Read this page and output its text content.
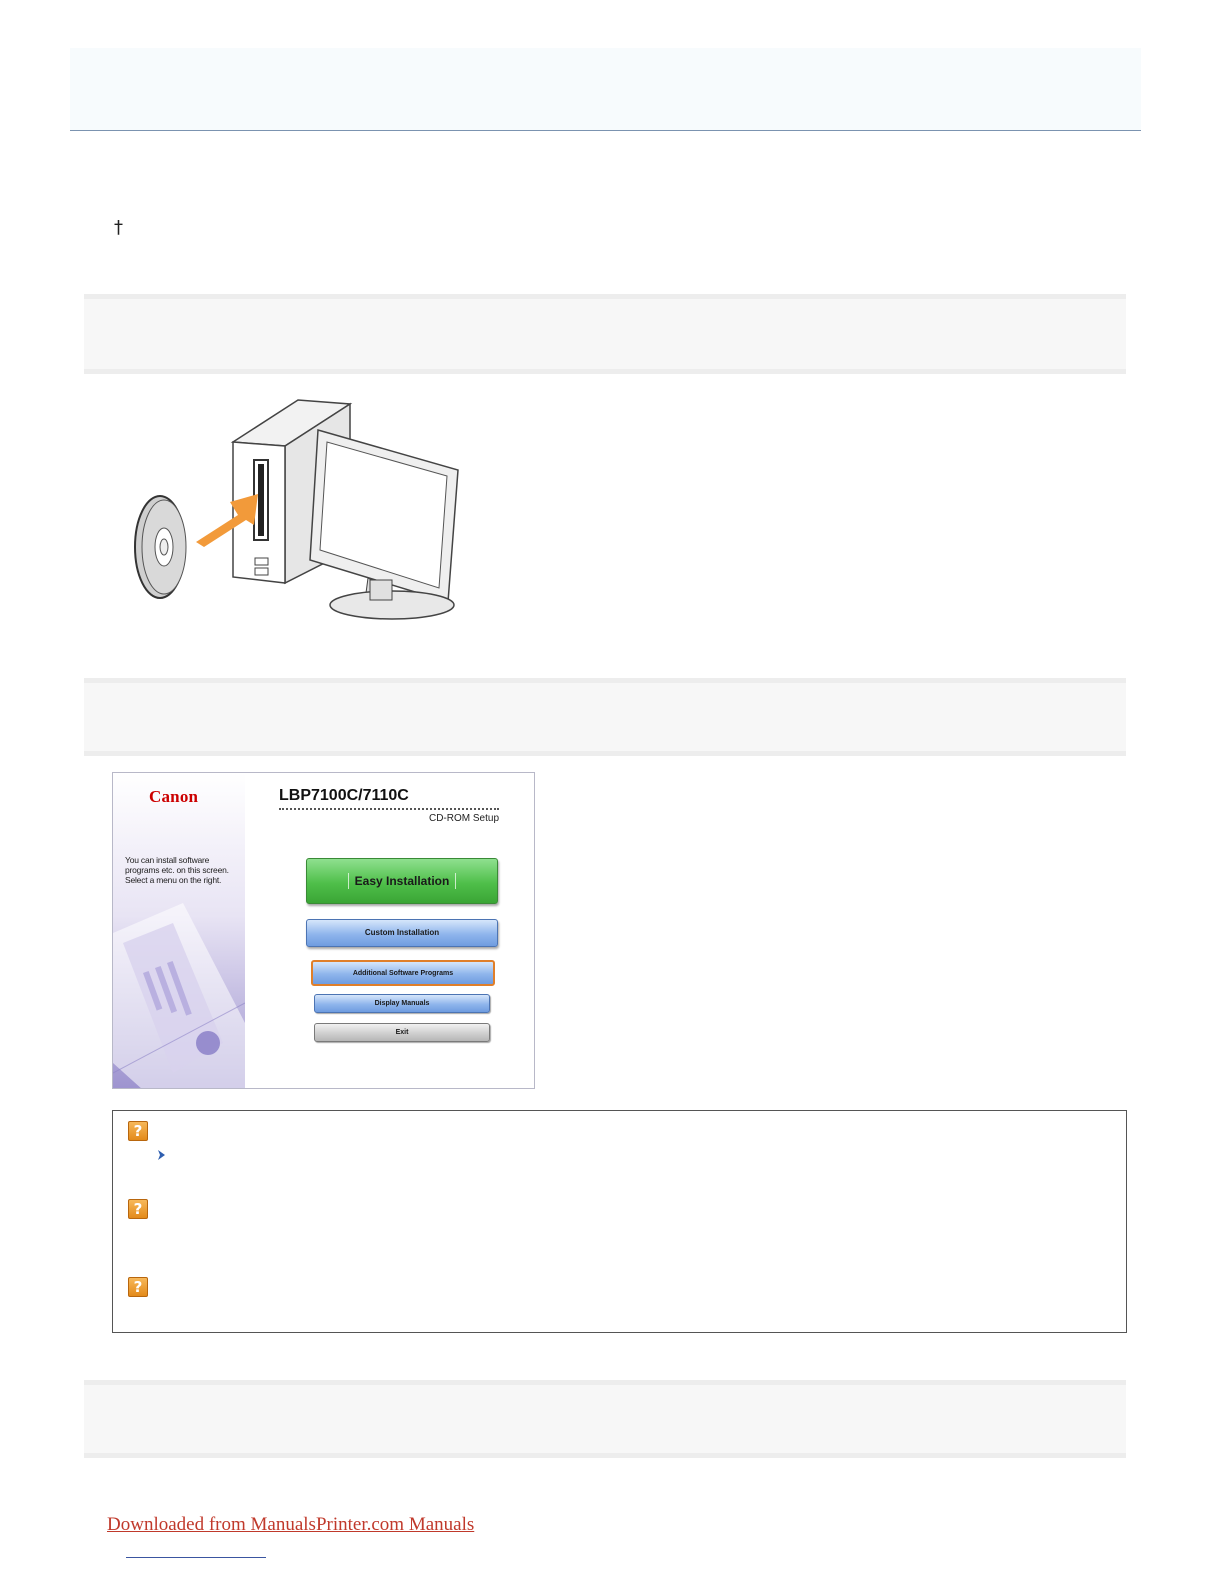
†
Canon
You can install software programs etc. on this screen. Select a menu on the right.
LBP7100C/7110C
CD-ROM Setup
Easy Installation
Custom Installation
Additional Software Programs
Display Manuals
Exit
?
?
?
Downloaded from ManualsPrinter.com Manuals
